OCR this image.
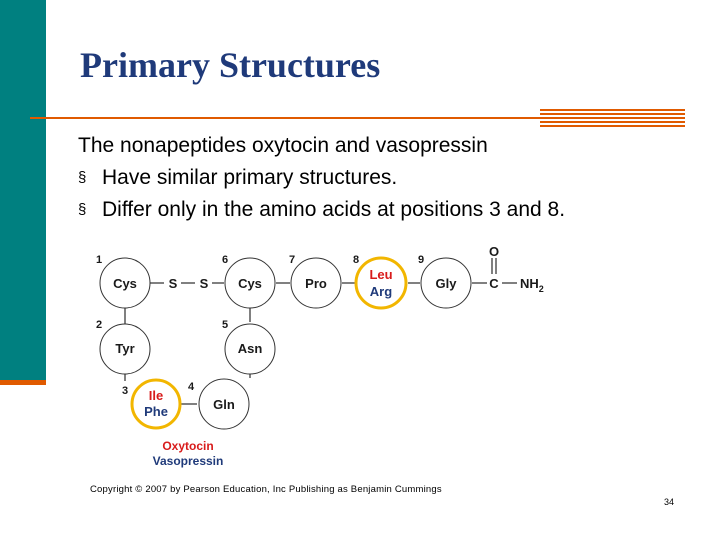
Primary Structures
The nonapeptides oxytocin and vasopressin
§ Have similar primary structures.
§ Differ only in the amino acids at positions 3 and 8.
Cys
Tyr
Gln
Asn
Cys	Pro	Gly
Ile
Phe
Leu
Arg
1
2
3	4
5
6	7	8	9
S S
O
C $NH_2$
Oxytocin
Vasopressin
Copyright © 2007 by Pearson Education, Inc Publishing as Benjamin Cummings
34
